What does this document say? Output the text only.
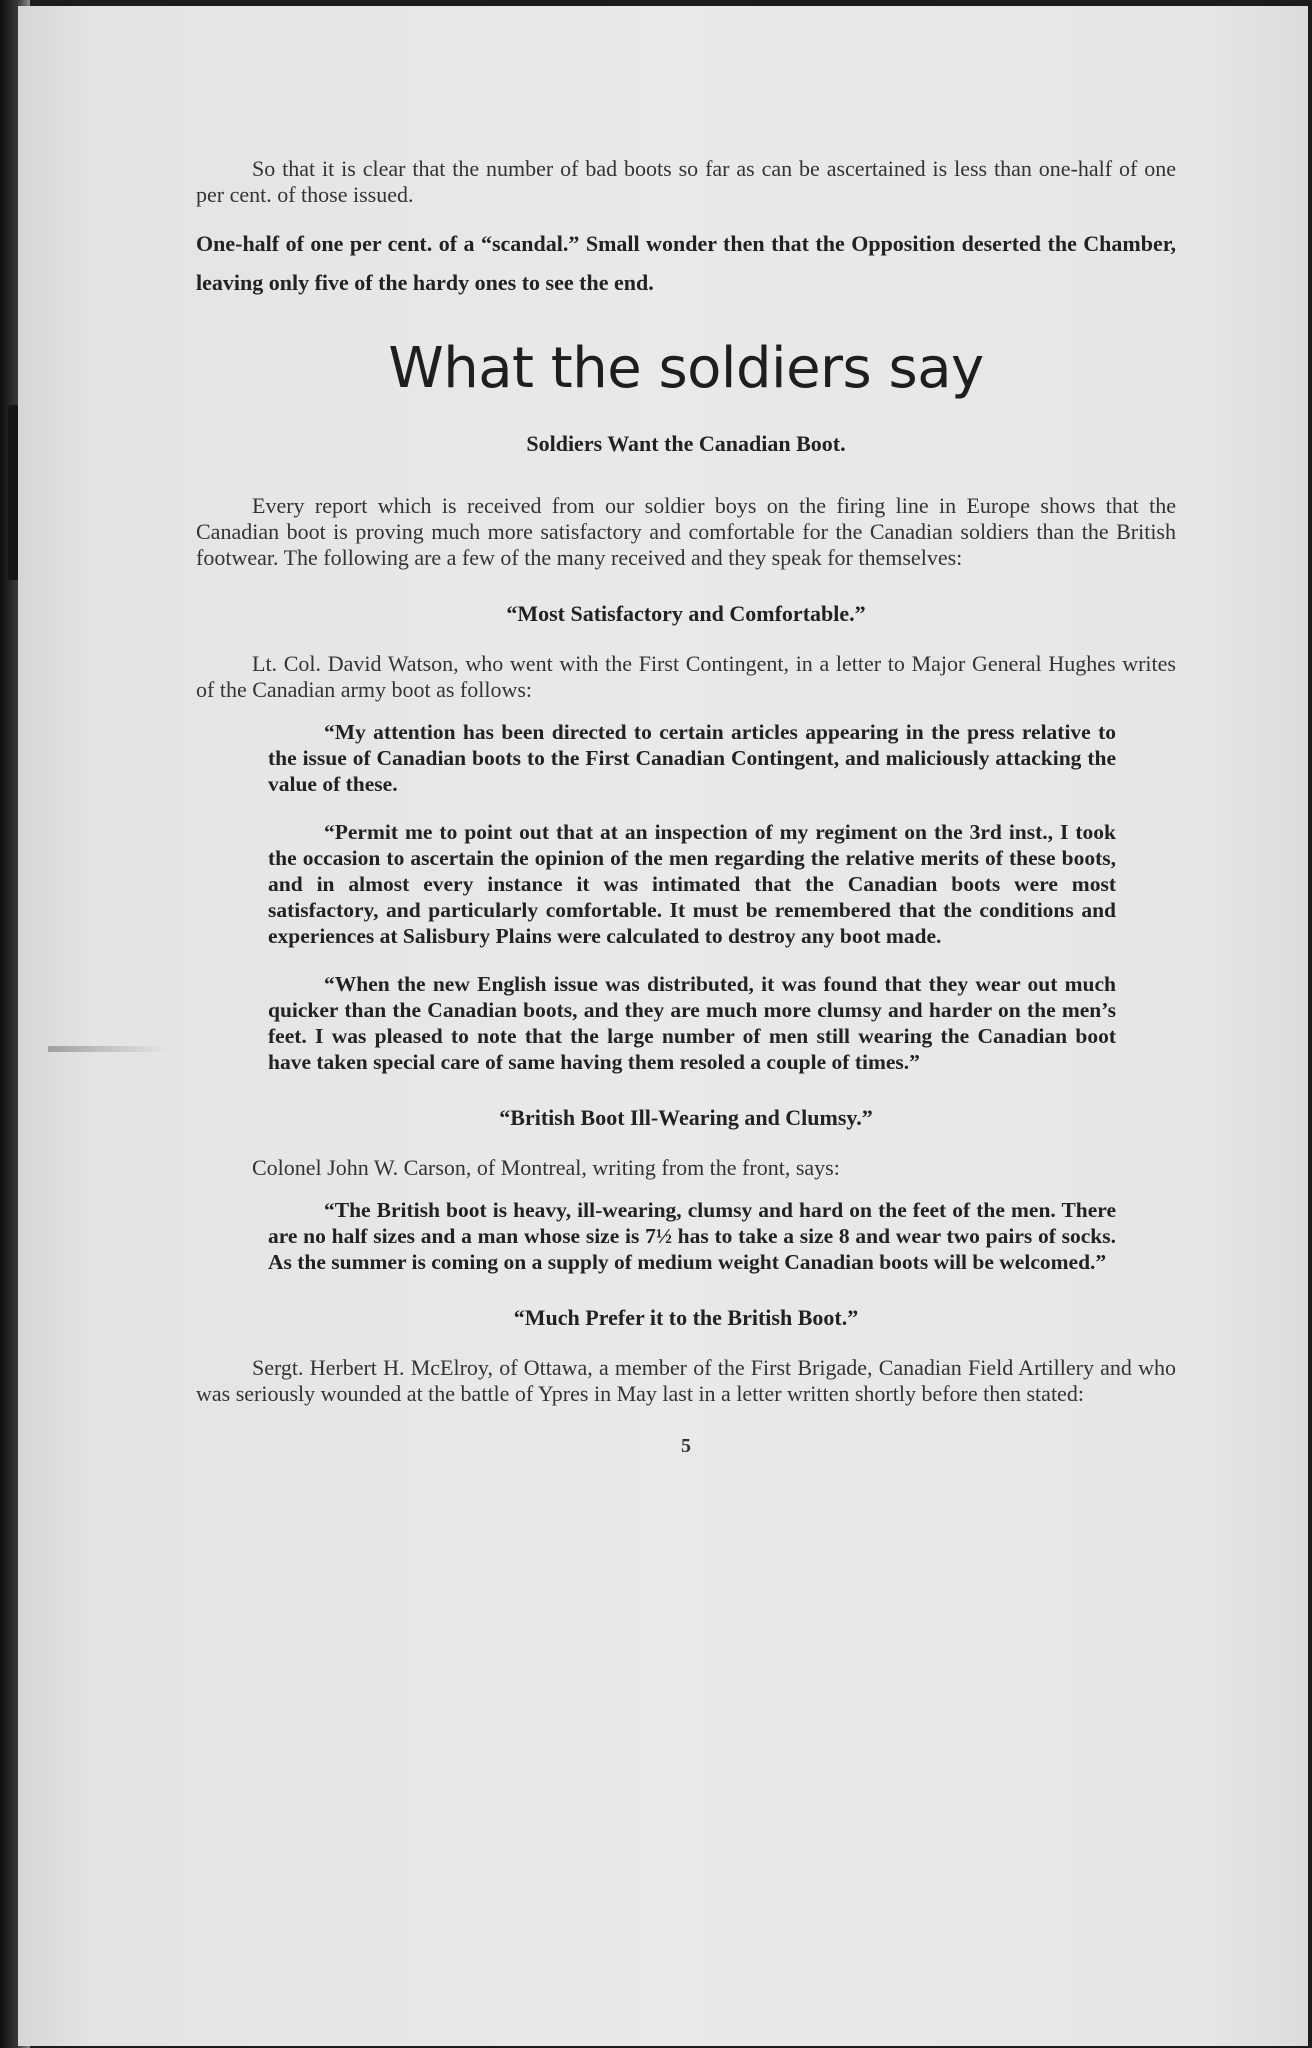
So that it is clear that the number of bad boots so far as can be ascertained is less than one-half of one per cent. of those issued.

One-half of one per cent. of a “scandal.” Small wonder then that the Opposition deserted the Chamber, leaving only five of the hardy ones to see the end.

What the soldiers say

Soldiers Want the Canadian Boot.

Every report which is received from our soldier boys on the firing line in Europe shows that the Canadian boot is proving much more satisfactory and comfortable for the Canadian soldiers than the British footwear. The following are a few of the many received and they speak for themselves:

“Most Satisfactory and Comfortable.”

Lt. Col. David Watson, who went with the First Contingent, in a letter to Major General Hughes writes of the Canadian army boot as follows:

“My attention has been directed to certain articles appearing in the press relative to the issue of Canadian boots to the First Canadian Contingent, and maliciously attacking the value of these.

“Permit me to point out that at an inspection of my regiment on the 3rd inst., I took the occasion to ascertain the opinion of the men regarding the relative merits of these boots, and in almost every instance it was intimated that the Canadian boots were most satisfactory, and particularly comfortable. It must be remembered that the conditions and experiences at Salisbury Plains were calculated to destroy any boot made.

“When the new English issue was distributed, it was found that they wear out much quicker than the Canadian boots, and they are much more clumsy and harder on the men’s feet. I was pleased to note that the large number of men still wearing the Canadian boot have taken special care of same having them resoled a couple of times.”

“British Boot Ill-Wearing and Clumsy.”

Colonel John W. Carson, of Montreal, writing from the front, says:

“The British boot is heavy, ill-wearing, clumsy and hard on the feet of the men. There are no half sizes and a man whose size is 7½ has to take a size 8 and wear two pairs of socks. As the summer is coming on a supply of medium weight Canadian boots will be welcomed.”

“Much Prefer it to the British Boot.”

Sergt. Herbert H. McElroy, of Ottawa, a member of the First Brigade, Canadian Field Artillery and who was seriously wounded at the battle of Ypres in May last in a letter written shortly before then stated:

5
